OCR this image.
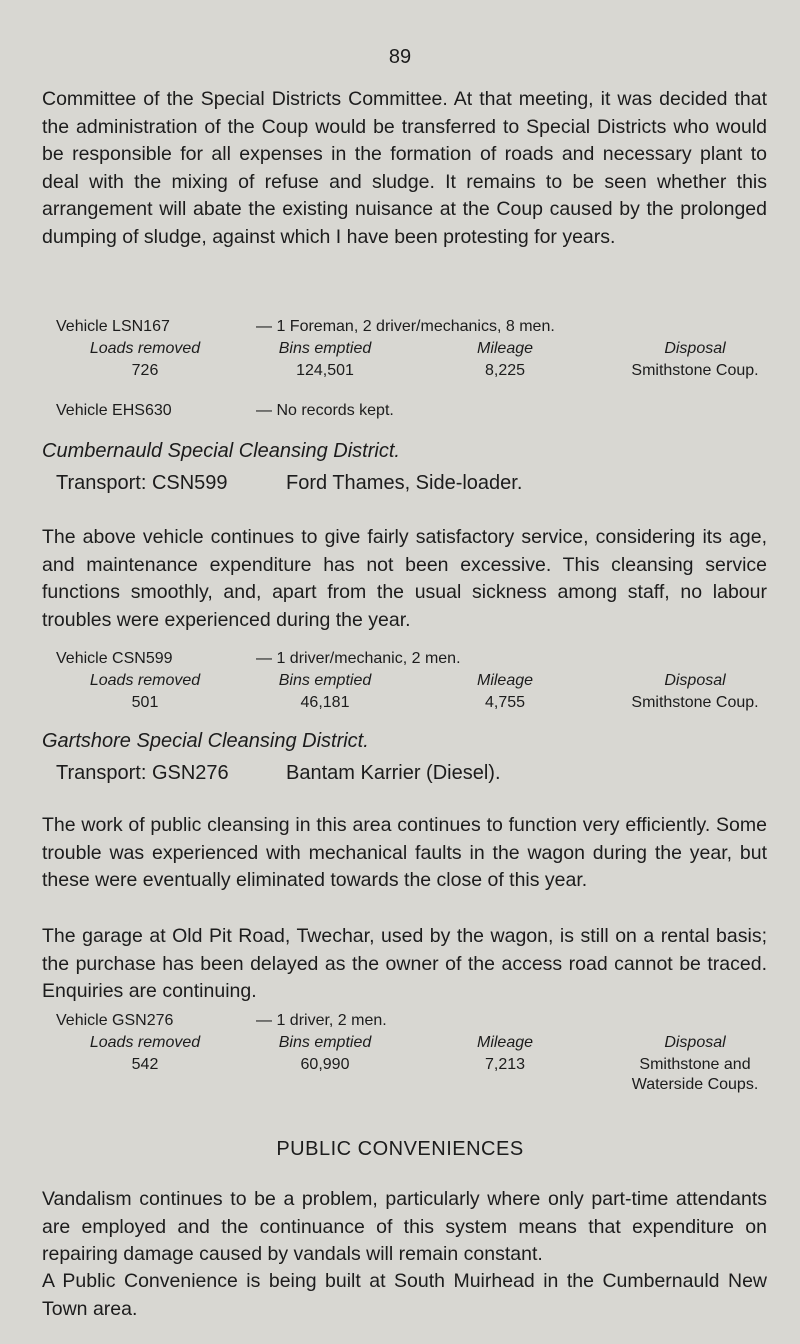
89

Committee of the Special Districts Committee. At that meeting, it was decided that the administration of the Coup would be transferred to Special Districts who would be responsible for all expenses in the formation of roads and necessary plant to deal with the mixing of refuse and sludge. It remains to be seen whether this arrangement will abate the existing nuisance at the Coup caused by the prolonged dumping of sludge, against which I have been protesting for years.

Vehicle LSN167	— 1 Foreman, 2 driver/mechanics, 8 men.
Loads removed	Bins emptied	Mileage	Disposal
726	124,501	8,225	Smithstone Coup.
Vehicle EHS630	— No records kept.
Cumbernauld Special Cleansing District.
Transport: CSN599	Ford Thames, Side-loader.

The above vehicle continues to give fairly satisfactory service, considering its age, and maintenance expenditure has not been excessive. This cleansing service functions smoothly, and, apart from the usual sickness among staff, no labour troubles were experienced during the year.

Vehicle CSN599	— 1 driver/mechanic, 2 men.
Loads removed	Bins emptied	Mileage	Disposal
501	46,181	4,755	Smithstone Coup.
Gartshore Special Cleansing District.
Transport: GSN276	Bantam Karrier (Diesel).

The work of public cleansing in this area continues to function very efficiently. Some trouble was experienced with mechanical faults in the wagon during the year, but these were eventually eliminated towards the close of this year.

The garage at Old Pit Road, Twechar, used by the wagon, is still on a rental basis; the purchase has been delayed as the owner of the access road cannot be traced. Enquiries are continuing.

Vehicle GSN276	— 1 driver, 2 men.
Loads removed	Bins emptied	Mileage	Disposal
542	60,990	7,213	Smithstone and
Waterside Coups.
PUBLIC CONVENIENCES

Vandalism continues to be a problem, particularly where only part-time attendants are employed and the continuance of this system means that expenditure on repairing damage caused by vandals will remain constant.

A Public Convenience is being built at South Muirhead in the Cumbernauld New Town area.
